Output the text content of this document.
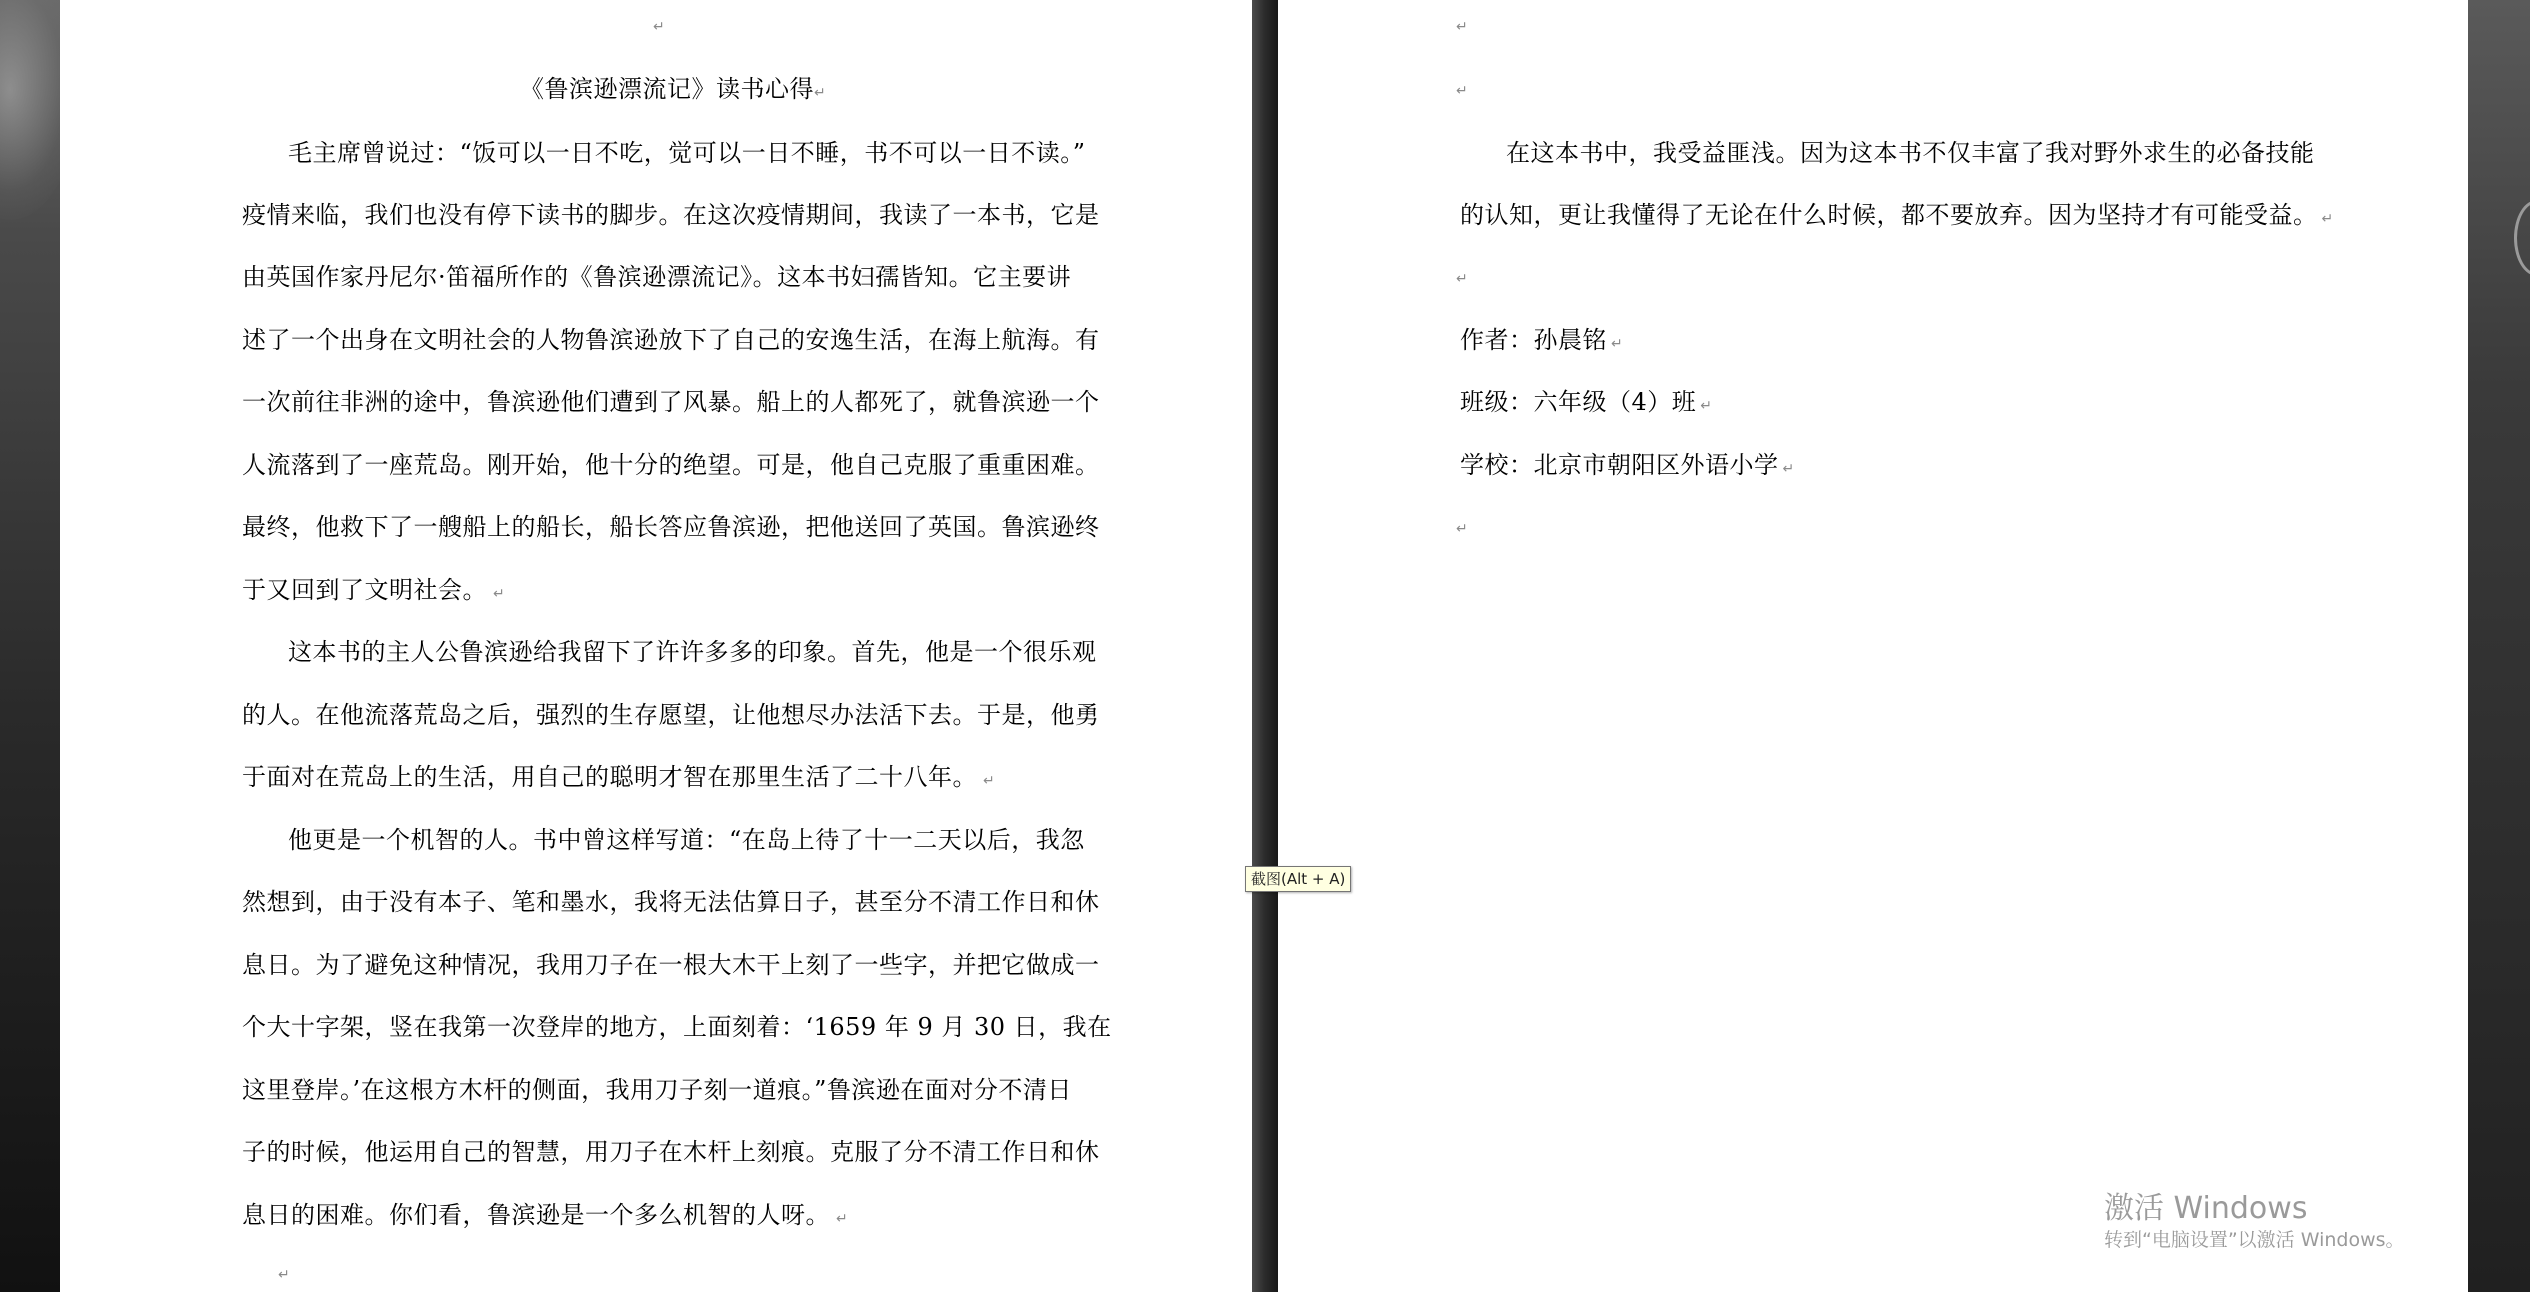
↵

《鲁滨逊漂流记》读书心得↵

毛主席曾说过：“饭可以一日不吃，觉可以一日不睡，书不可以一日不读。”

疫情来临，我们也没有停下读书的脚步。在这次疫情期间，我读了一本书，它是

由英国作家丹尼尔·笛福所作的《鲁滨逊漂流记》。这本书妇孺皆知。它主要讲

述了一个出身在文明社会的人物鲁滨逊放下了自己的安逸生活，在海上航海。有

一次前往非洲的途中，鲁滨逊他们遭到了风暴。船上的人都死了，就鲁滨逊一个

人流落到了一座荒岛。刚开始，他十分的绝望。可是，他自己克服了重重困难。

最终，他救下了一艘船上的船长，船长答应鲁滨逊，把他送回了英国。鲁滨逊终

于又回到了文明社会。 ↵

这本书的主人公鲁滨逊给我留下了许许多多的印象。首先，他是一个很乐观

的人。在他流落荒岛之后，强烈的生存愿望，让他想尽办法活下去。于是，他勇

于面对在荒岛上的生活，用自己的聪明才智在那里生活了二十八年。 ↵

他更是一个机智的人。书中曾这样写道：“在岛上待了十一二天以后，我忽

然想到，由于没有本子、笔和墨水，我将无法估算日子，甚至分不清工作日和休

息日。为了避免这种情况，我用刀子在一根大木干上刻了一些字，并把它做成一

个大十字架，竖在我第一次登岸的地方，上面刻着：‘1659 年 9 月 30 日，我在

这里登岸。’在这根方木杆的侧面，我用刀子刻一道痕。”鲁滨逊在面对分不清日

子的时候，他运用自己的智慧，用刀子在木杆上刻痕。克服了分不清工作日和休

息日的困难。你们看，鲁滨逊是一个多么机智的人呀。 ↵

↵
↵
↵

在这本书中，我受益匪浅。因为这本书不仅丰富了我对野外求生的必备技能

的认知，更让我懂得了无论在什么时候，都不要放弃。因为坚持才有可能受益。 ↵

↵

作者：孙晨铭 ↵

班级：六年级（4）班 ↵

学校：北京市朝阳区外语小学 ↵

↵
截图(Alt + A)
激活 Windows
转到“电脑设置”以激活 Windows。
